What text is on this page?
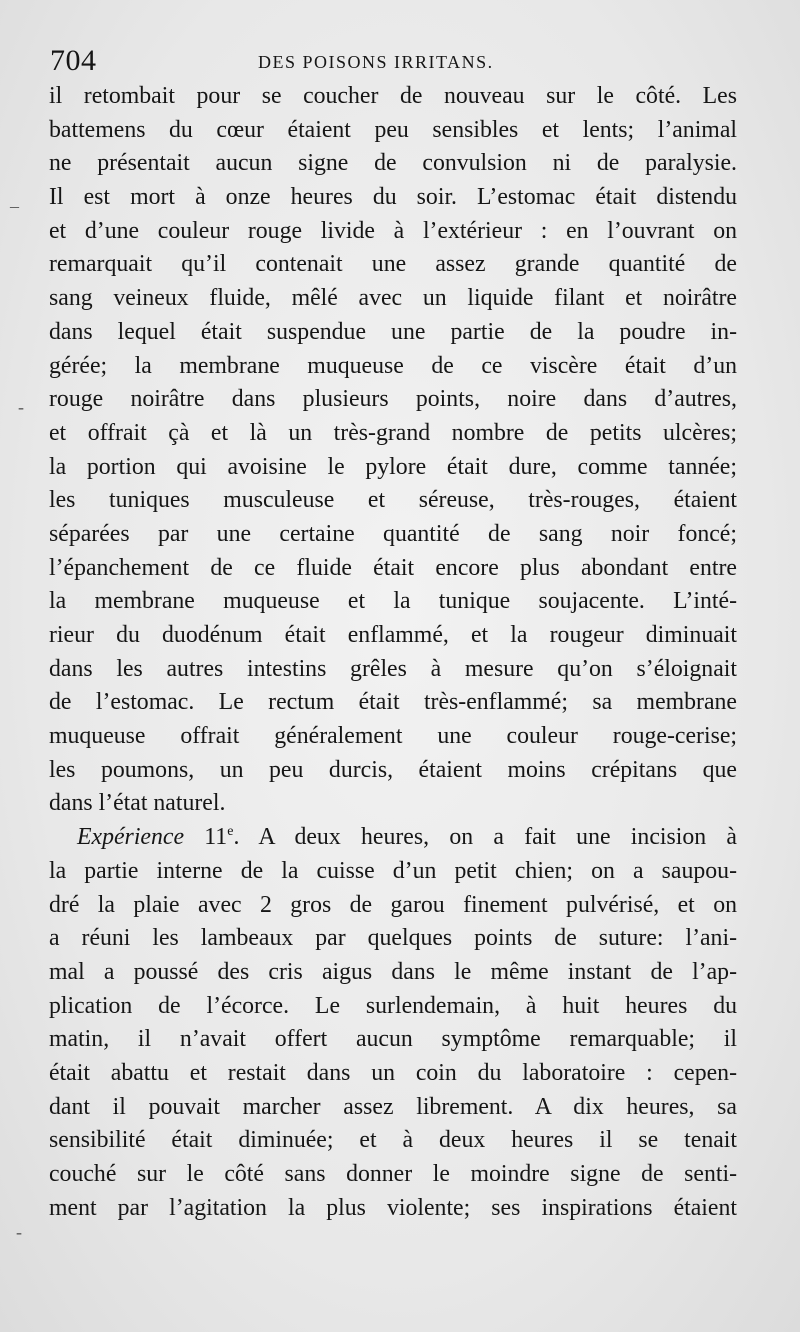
704	DES POISONS IRRITANS.
il retombait pour se coucher de nouveau sur le côté. Les
battemens du cœur étaient peu sensibles et lents; l’animal
ne présentait aucun signe de convulsion ni de paralysie.
Il est mort à onze heures du soir. L’estomac était distendu
et d’une couleur rouge livide à l’extérieur : en l’ouvrant on
remarquait qu’il contenait une assez grande quantité de
sang veineux fluide, mêlé avec un liquide filant et noirâtre
dans lequel était suspendue une partie de la poudre in-
gérée; la membrane muqueuse de ce viscère était d’un
rouge noirâtre dans plusieurs points, noire dans d’autres,
et offrait çà et là un très-grand nombre de petits ulcères;
la portion qui avoisine le pylore était dure, comme tannée;
les tuniques musculeuse et séreuse, très-rouges, étaient
séparées par une certaine quantité de sang noir foncé;
l’épanchement de ce fluide était encore plus abondant entre
la membrane muqueuse et la tunique soujacente. L’inté-
rieur du duodénum était enflammé, et la rougeur diminuait
dans les autres intestins grêles à mesure qu’on s’éloignait
de l’estomac. Le rectum était très-enflammé; sa membrane
muqueuse offrait généralement une couleur rouge-cerise;
les poumons, un peu durcis, étaient moins crépitans que
dans l’état naturel.
Expérience 11e. A deux heures, on a fait une incision à
la partie interne de la cuisse d’un petit chien; on a saupou-
dré la plaie avec 2 gros de garou finement pulvérisé, et on
a réuni les lambeaux par quelques points de suture: l’ani-
mal a poussé des cris aigus dans le même instant de l’ap-
plication de l’écorce. Le surlendemain, à huit heures du
matin, il n’avait offert aucun symptôme remarquable; il
était abattu et restait dans un coin du laboratoire : cepen-
dant il pouvait marcher assez librement. A dix heures, sa
sensibilité était diminuée; et à deux heures il se tenait
couché sur le côté sans donner le moindre signe de senti-
ment par l’agitation la plus violente; ses inspirations étaient
–
-
-
